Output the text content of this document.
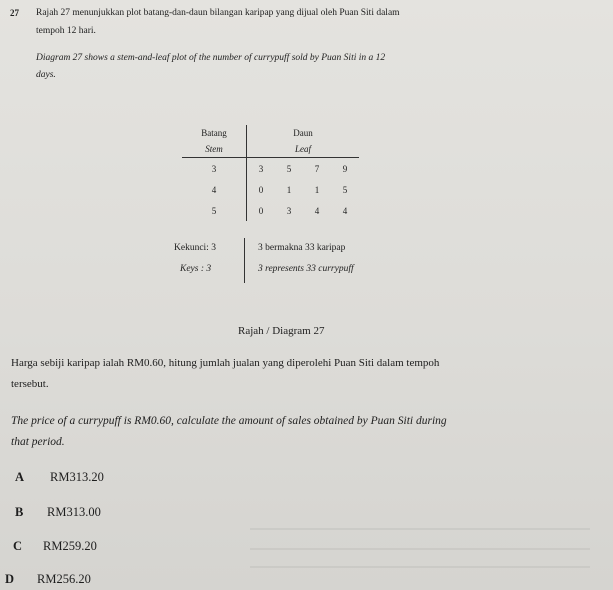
27 Rajah 27 menunjukkan plot batang-dan-daun bilangan karipap yang dijual oleh Puan Siti dalam
tempoh 12 hari.
Diagram 27 shows a stem-and-leaf plot of the number of currypuff sold by Puan Siti in a 12
days.
Batang	Daun			
Stem	Leaf			
3	3	5	7	9
4	0	1	1	5
5	0	3	4	4
Kekunci: 3
Keys : 3
3 bermakna 33 karipap
3 represents 33 currypuff
Rajah / Diagram 27
Harga sebiji karipap ialah RM0.60, hitung jumlah jualan yang diperolehi Puan Siti dalam tempoh
tersebut.
The price of a currypuff is RM0.60, calculate the amount of sales obtained by Puan Siti during
that period.
A RM313.20
B RM313.00
C RM259.20
D RM256.20
